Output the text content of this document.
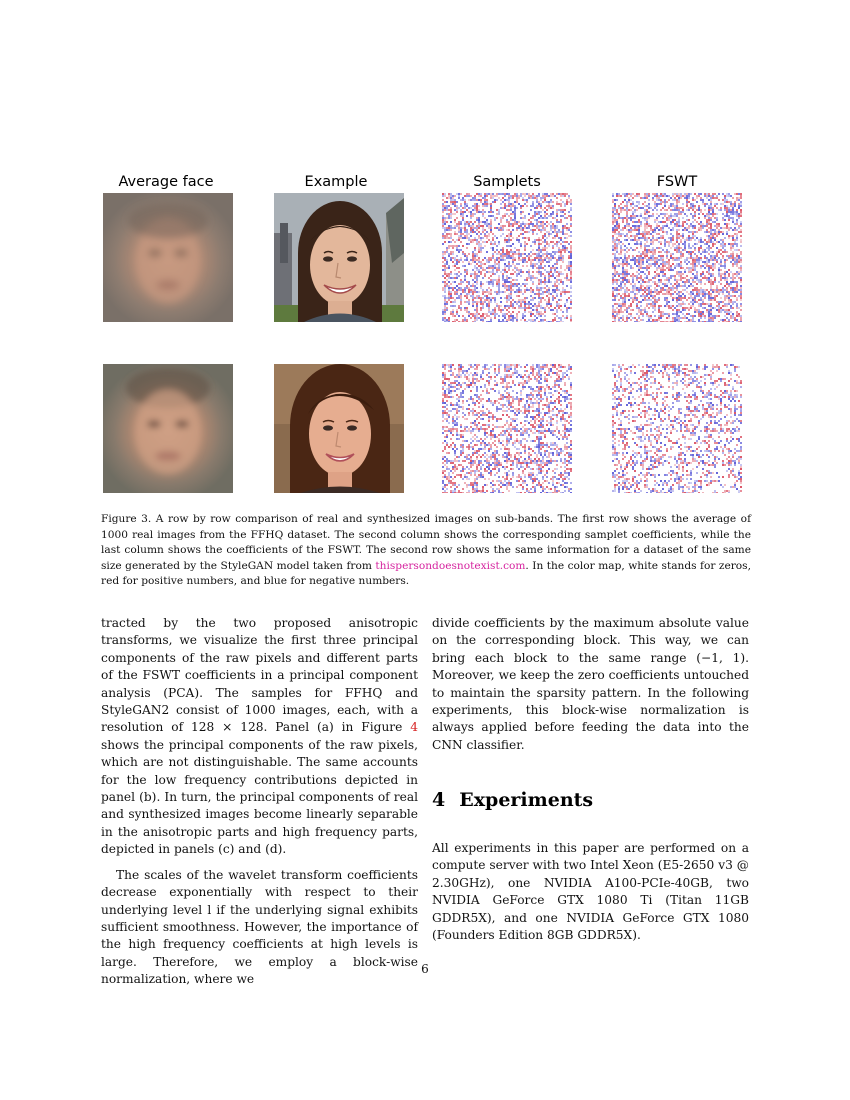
Average face	Example	Samplets	FSWT
Figure 3. A row by row comparison of real and synthesized images on sub-bands. The first row shows the average of 1000 real images from the FFHQ dataset. The second column shows the corresponding samplet coefficients, while the last column shows the coefficients of the FSWT. The second row shows the same information for a dataset of the same size generated by the StyleGAN model taken from thispersondoesnotexist.com. In the color map, white stands for zeros, red for positive numbers, and blue for negative numbers.

tracted by the two proposed anisotropic transforms, we visualize the first three principal components of the raw pixels and different parts of the FSWT coefficients in a principal component analysis (PCA). The samples for FFHQ and StyleGAN2 consist of 1000 images, each, with a resolution of 128 × 128. Panel (a) in Figure 4 shows the principal components of the raw pixels, which are not distinguishable. The same accounts for the low frequency contributions depicted in panel (b). In turn, the principal components of real and synthesized images become linearly separable in the anisotropic parts and high frequency parts, depicted in panels (c) and (d).

The scales of the wavelet transform coefficients decrease exponentially with respect to their underlying level l if the underlying signal exhibits sufficient smoothness. However, the importance of the high frequency coefficients at high levels is large. Therefore, we employ a block-wise normalization, where we

divide coefficients by the maximum absolute value on the corresponding block. This way, we can bring each block to the same range (−1, 1). Moreover, we keep the zero coefficients untouched to maintain the sparsity pattern. In the following experiments, this block-wise normalization is always applied before feeding the data into the CNN classifier.

4 Experiments

All experiments in this paper are performed on a compute server with two Intel Xeon (E5-2650 v3 @ 2.30GHz), one NVIDIA A100-PCIe-40GB, two NVIDIA GeForce GTX 1080 Ti (Titan 11GB GDDR5X), and one NVIDIA GeForce GTX 1080 (Founders Edition 8GB GDDR5X).

6
